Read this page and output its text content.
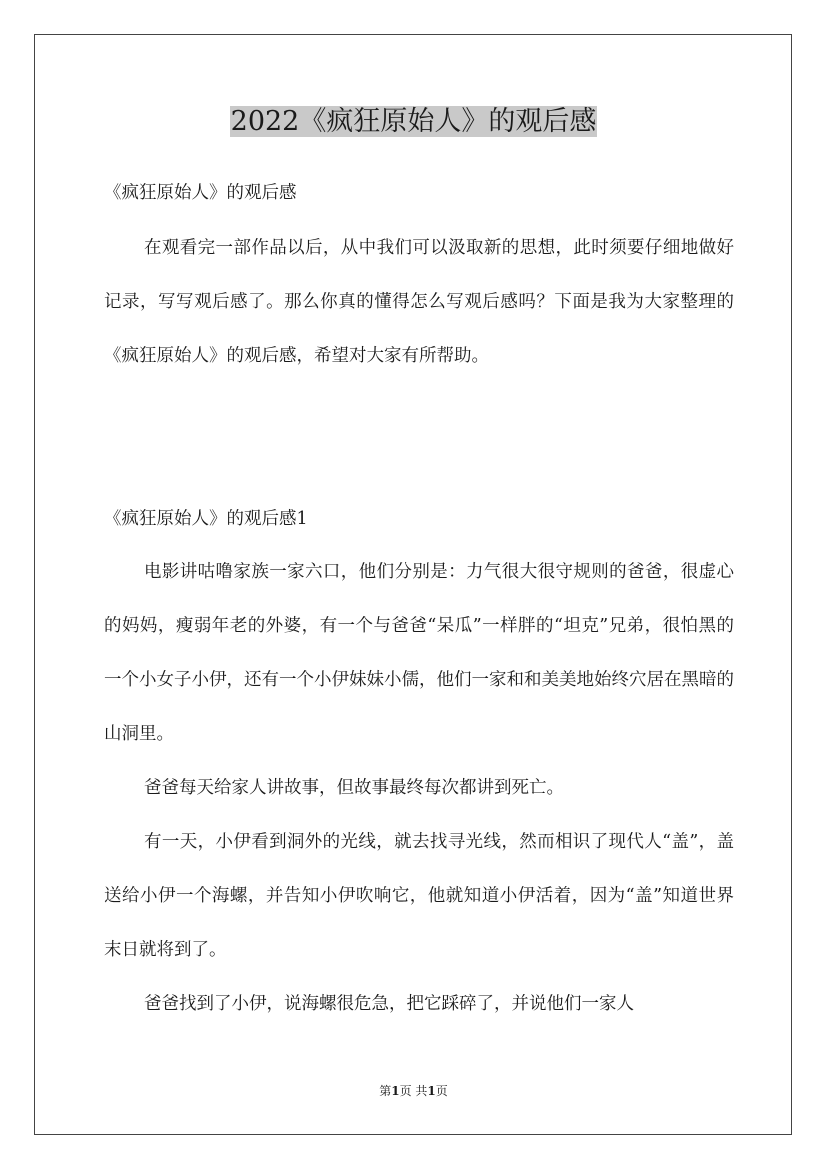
2022《疯狂原始人》的观后感
《疯狂原始人》的观后感

在观看完一部作品以后，从中我们可以汲取新的思想，此时须要仔细地做好记录，写写观后感了。那么你真的懂得怎么写观后感吗？下面是我为大家整理的《疯狂原始人》的观后感，希望对大家有所帮助。

《疯狂原始人》的观后感1

电影讲咕噜家族一家六口，他们分别是：力气很大很守规则的爸爸，很虚心的妈妈，瘦弱年老的外婆，有一个与爸爸“呆瓜”一样胖的“坦克”兄弟，很怕黑的一个小女子小伊，还有一个小伊妹妹小儒，他们一家和和美美地始终穴居在黑暗的山洞里。

爸爸每天给家人讲故事，但故事最终每次都讲到死亡。

有一天，小伊看到洞外的光线，就去找寻光线，然而相识了现代人“盖”，盖送给小伊一个海螺，并告知小伊吹响它，他就知道小伊活着，因为“盖”知道世界末日就将到了。

爸爸找到了小伊，说海螺很危急，把它踩碎了，并说他们一家人

第1页 共1页
